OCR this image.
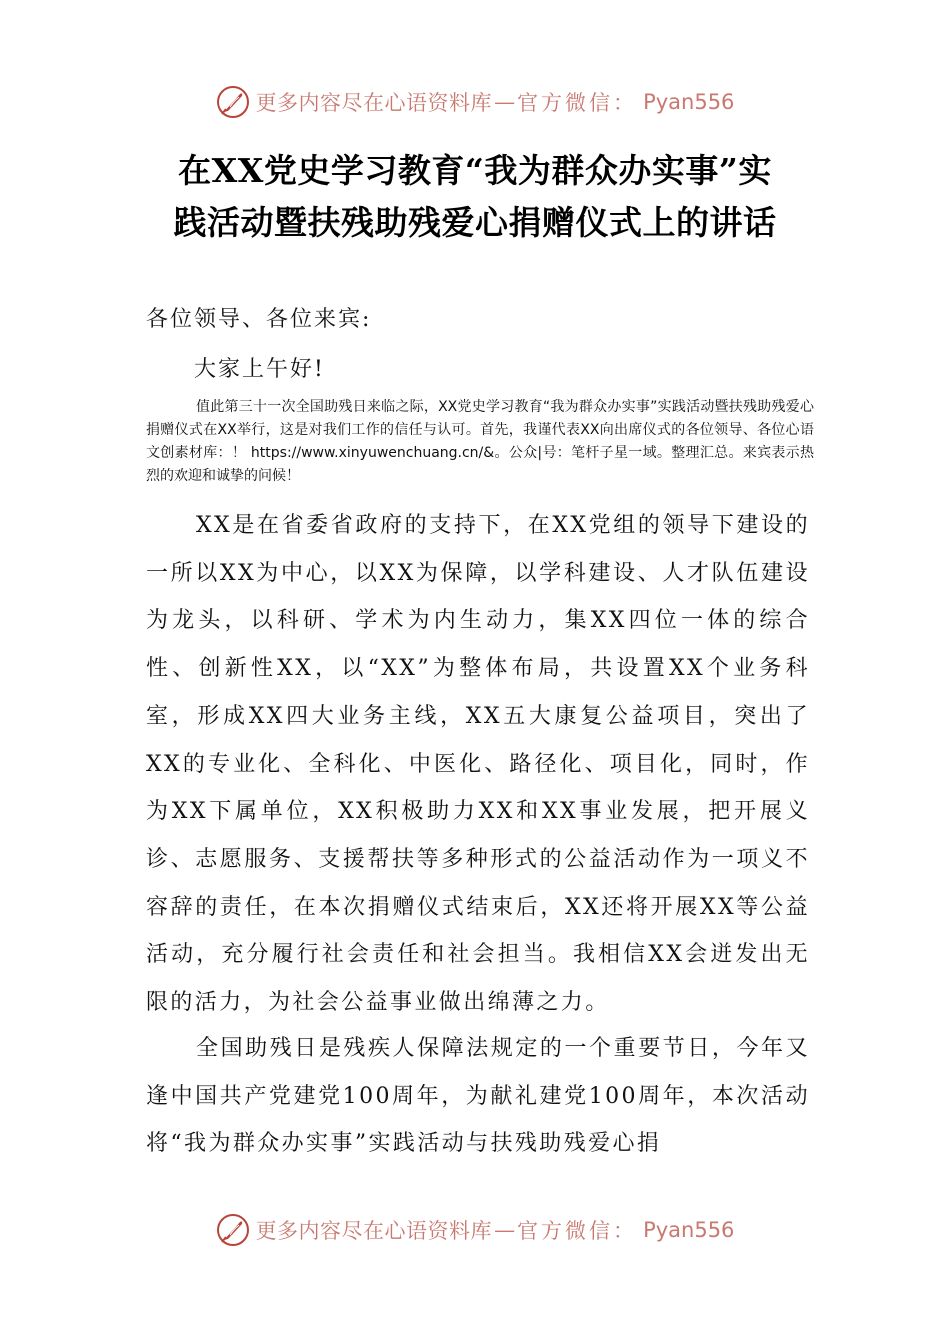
更多内容尽在心语资料库 — 官方微信： Pyan556
在XX党史学习教育“我为群众办实事”实
践活动暨扶残助残爱心捐赠仪式上的讲话
各位领导、各位来宾:
大家上午好!
值此第三十一次全国助残日来临之际，XX党史学习教育“我为群众办实事”实践活动暨扶残助残爱心捐赠仪式在XX举行，这是对我们工作的信任与认可。首先，我谨代表XX向出席仪式的各位领导、各位心语文创素材库：！ https://www.xinyuwenchuang.cn/&。公众|号：笔杆子星一域。整理汇总。来宾表示热烈的欢迎和诚挚的问候！
XX是在省委省政府的支持下，在XX党组的领导下建设的一所以XX为中心，以XX为保障，以学科建设、人才队伍建设为龙头，以科研、学术为内生动力，集XX四位一体的综合性、创新性XX，以“XX”为整体布局，共设置XX个业务科室，形成XX四大业务主线，XX五大康复公益项目，突出了XX的专业化、全科化、中医化、路径化、项目化，同时，作为XX下属单位，XX积极助力XX和XX事业发展，把开展义诊、志愿服务、支援帮扶等多种形式的公益活动作为一项义不容辞的责任，在本次捐赠仪式结束后，XX还将开展XX等公益活动，充分履行社会责任和社会担当。我相信XX会迸发出无限的活力，为社会公益事业做出绵薄之力。
全国助残日是残疾人保障法规定的一个重要节日，今年又逢中国共产党建党100周年，为献礼建党100周年，本次活动将“我为群众办实事”实践活动与扶残助残爱心捐
更多内容尽在心语资料库 — 官方微信： Pyan556
